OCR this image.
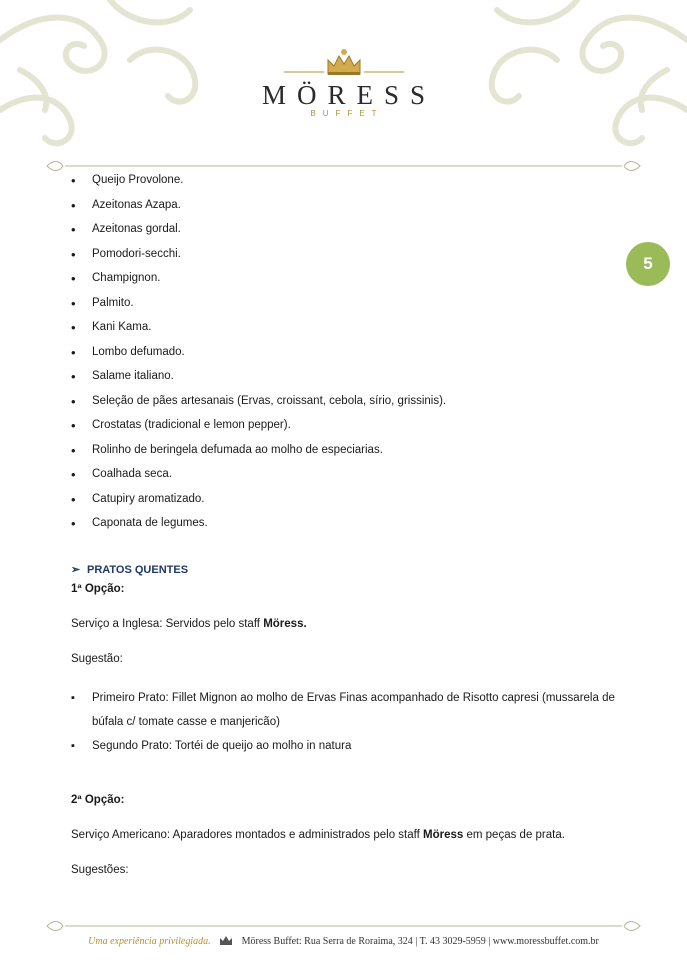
MÖRESS
BUFFET
5
• Queijo Provolone.
• Azeitonas Azapa.
• Azeitonas gordal.
• Pomodori-secchi.
• Champignon.
• Palmito.
• Kani Kama.
• Lombo defumado.
• Salame italiano.
• Seleção de pães artesanais (Ervas, croissant, cebola, sírio, grissinis).
• Crostatas (tradicional e lemon pepper).
• Rolinho de beringela defumada ao molho de especiarias.
• Coalhada seca.
• Catupiry aromatizado.
• Caponata de legumes.
➢ PRATOS QUENTES

1ª Opção:

Serviço a Inglesa: Servidos pelo staff Möress.

Sugestão:

▪ Primeiro Prato: Fillet Mignon ao molho de Ervas Finas acompanhado de Risotto capresi (mussarela de búfala c/ tomate casse e manjericão)
▪ Segundo Prato: Tortéi de queijo ao molho in natura

2ª Opção:

Serviço Americano: Aparadores montados e administrados pelo staff Möress em peças de prata.

Sugestões:

Uma experiência privilegiada.	Möress Buffet: Rua Serra de Roraima, 324 | T. 43 3029-5959 | www.moressbuffet.com.br
